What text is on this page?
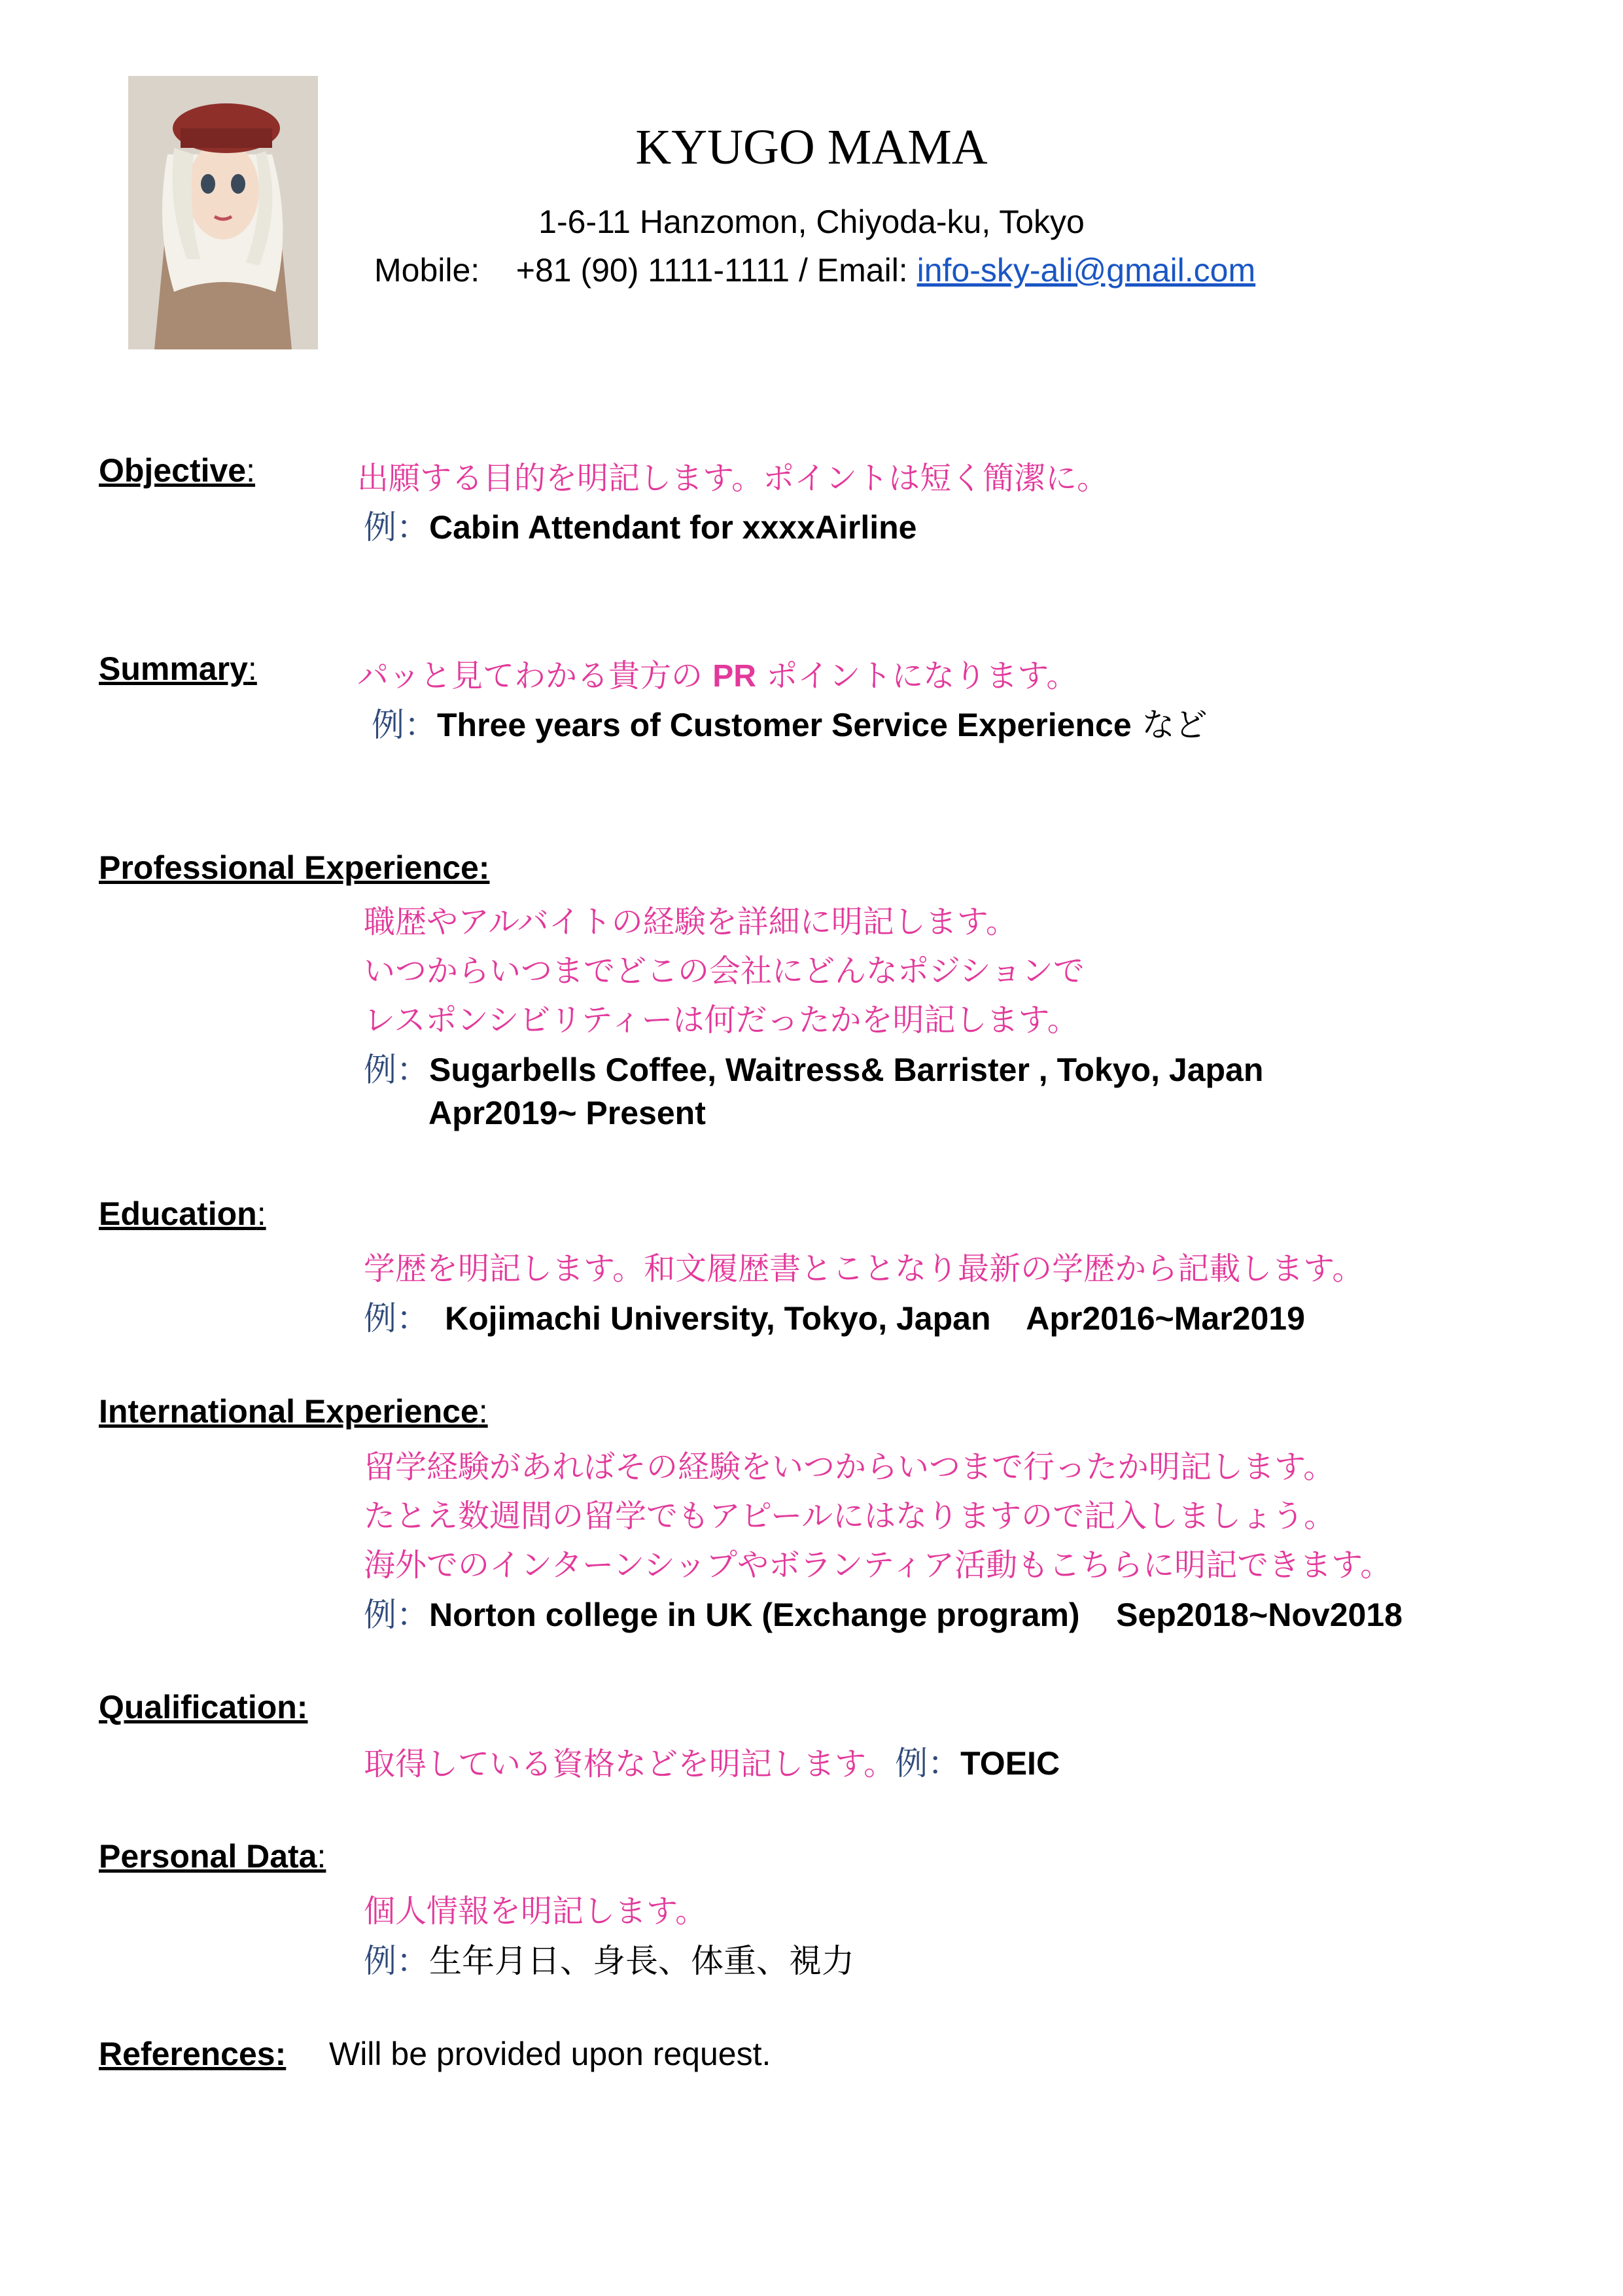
KYUGO MAMA
1-6-11 Hanzomon, Chiyoda-ku, Tokyo
Mobile:    +81 (90) 1111-1111 / Email: info-sky-ali@gmail.com
Objective:	出願する目的を明記します。ポイントは短く簡潔に。
例：Cabin Attendant for xxxxAirline
Summary:	パッと見てわかる貴方の PR ポイントになります。
例：Three years of Customer Service Experience など
Professional Experience:
職歴やアルバイトの経験を詳細に明記します。
いつからいつまでどこの会社にどんなポジションで
レスポンシビリティーは何だったかを明記します。
例：Sugarbells Coffee, Waitress& Barrister , Tokyo, Japan
Apr2019~ Present
Education:
学歴を明記します。和文履歴書とことなり最新の学歴から記載します。
例： Kojimachi University, Tokyo, Japan    Apr2016~Mar2019
International Experience:
留学経験があればその経験をいつからいつまで行ったか明記します。
たとえ数週間の留学でもアピールにはなりますので記入しましょう。
海外でのインターンシップやボランティア活動もこちらに明記できます。
例：Norton college in UK (Exchange program)    Sep2018~Nov2018
Qualification:
取得している資格などを明記します。例：TOEIC
Personal Data:
個人情報を明記します。
例：生年月日、身長、体重、視力
References: Will be provided upon request.
